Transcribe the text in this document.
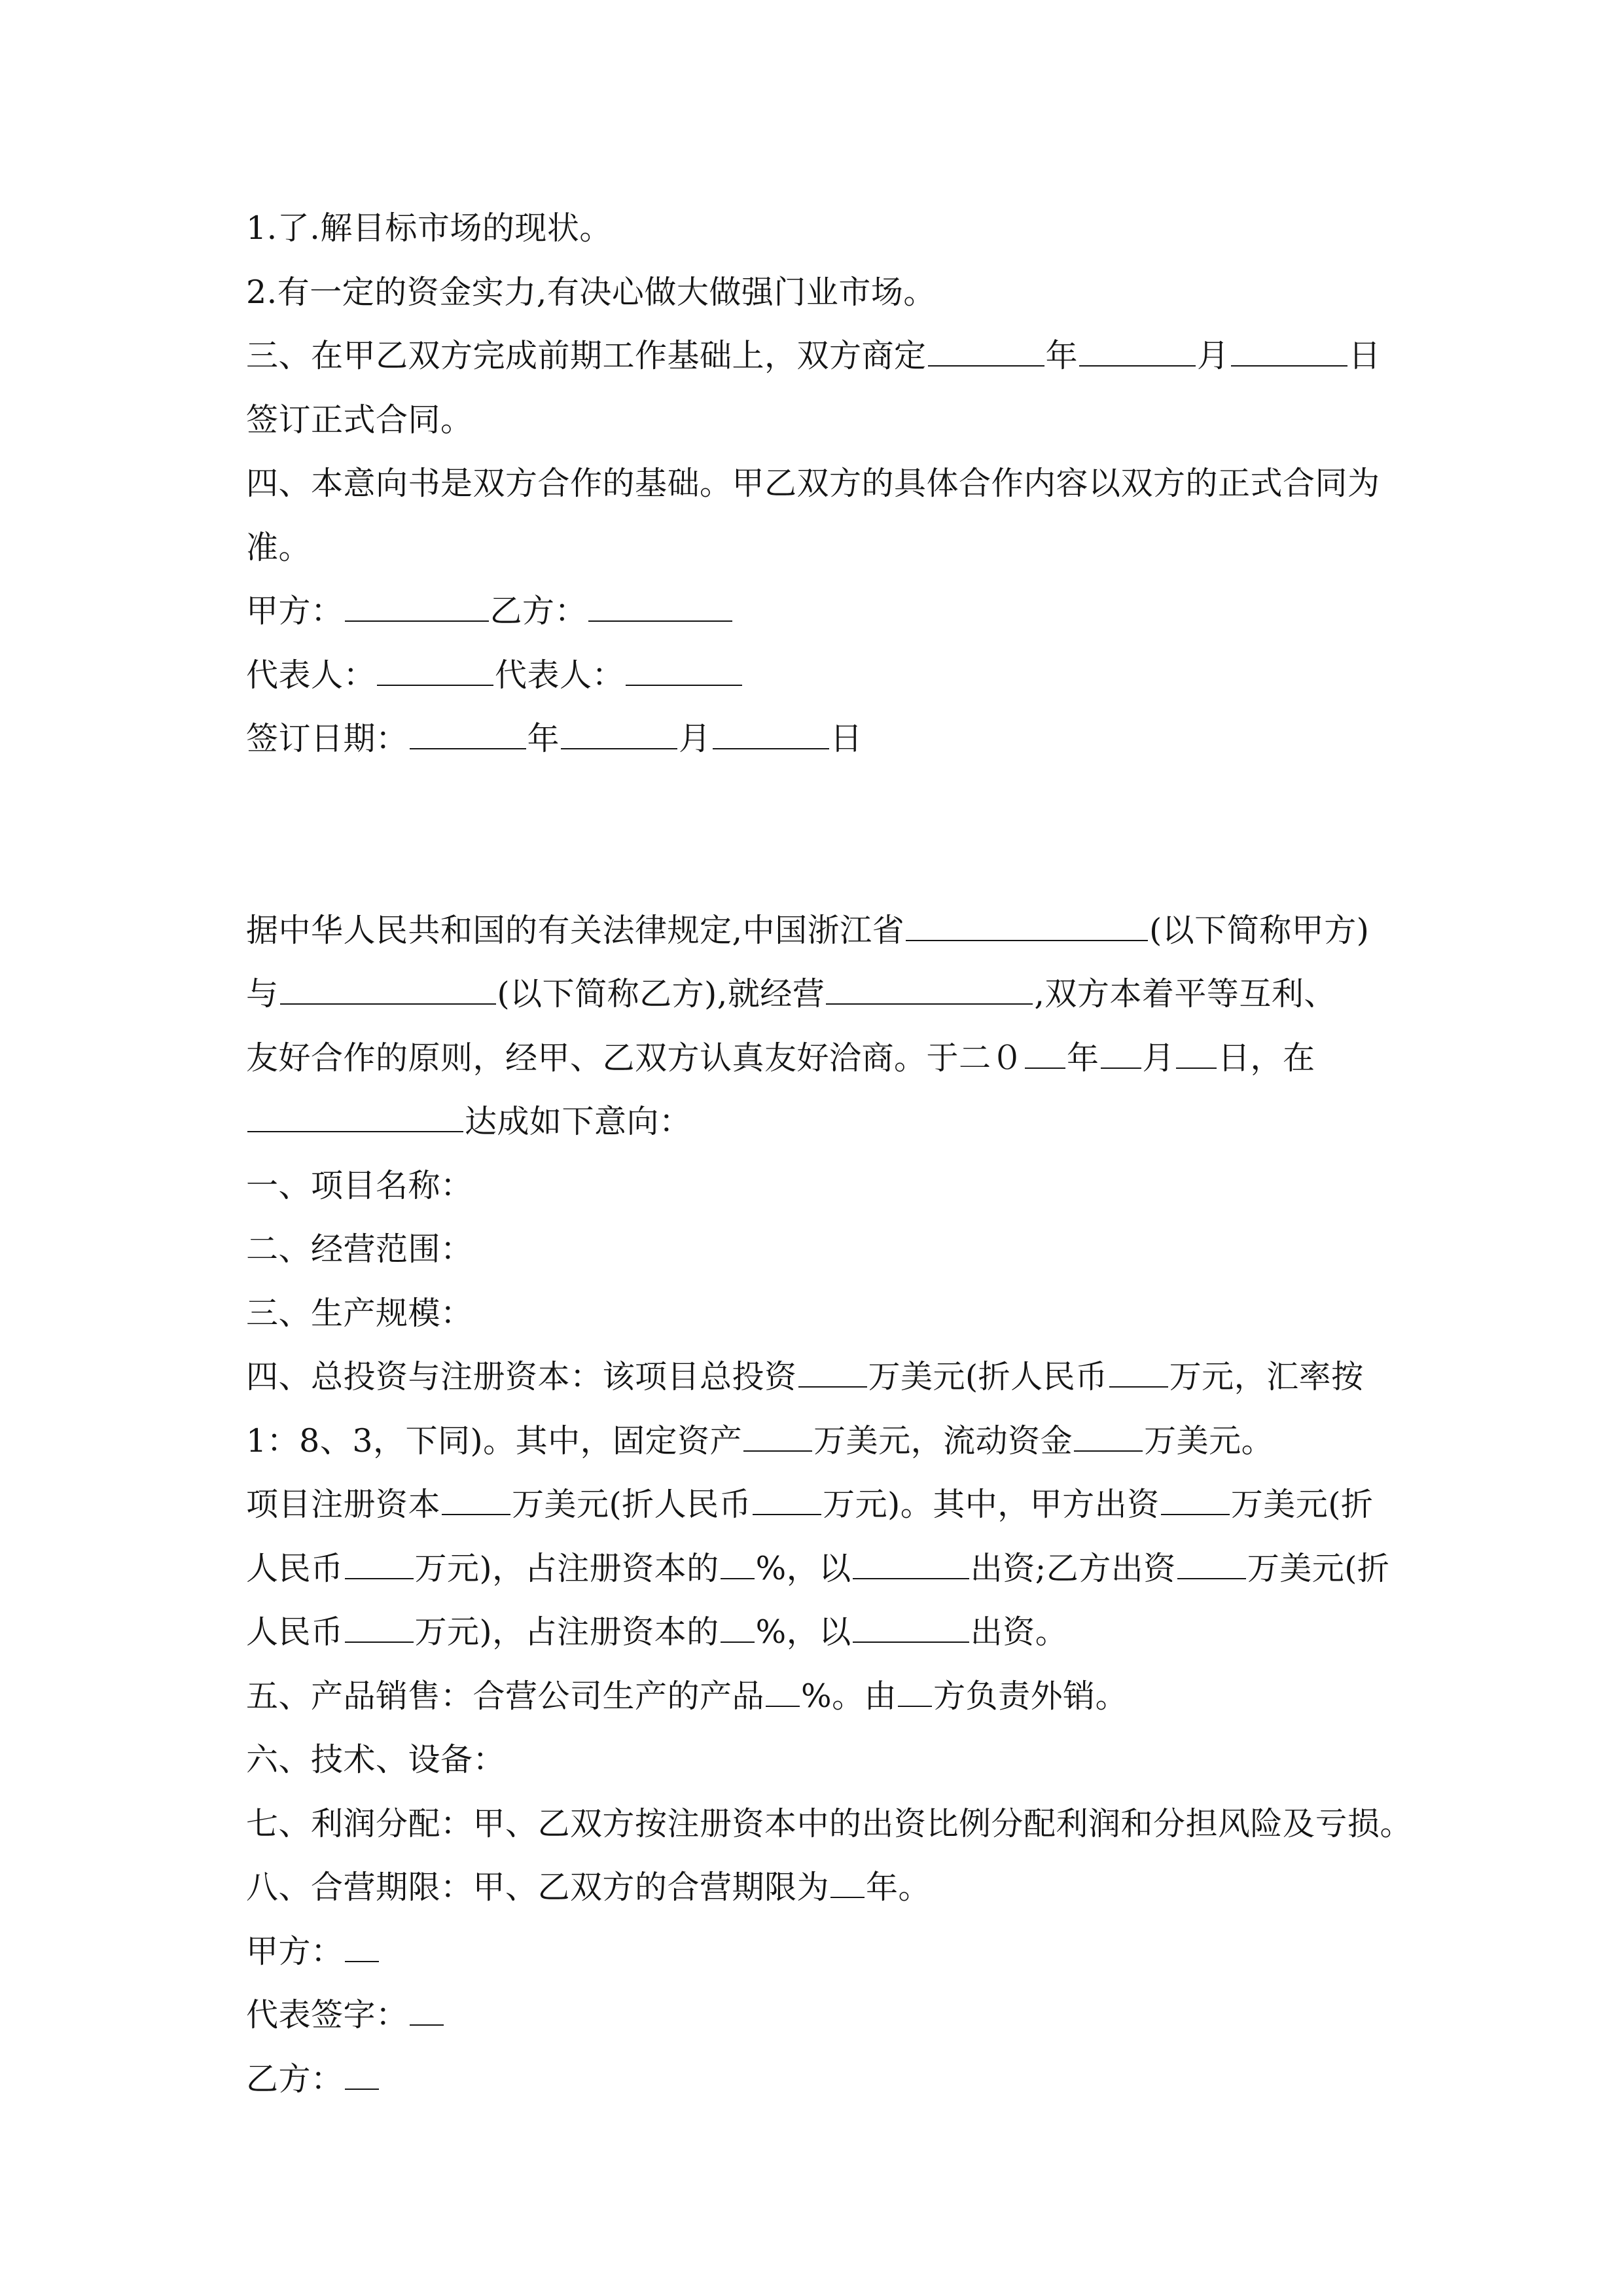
1.了.解目标市场的现状。
2.有一定的资金实力,有决心做大做强门业市场。
三、在甲乙双方完成前期工作基础上，双方商定	年	月	日
签订正式合同。
四、本意向书是双方合作的基础。甲乙双方的具体合作内容以双方的正式合同为
准。
甲方：	乙方：
代表人：	代表人：
签订日期：	年	月	日
据中华人民共和国的有关法律规定,中国浙江省	(以下简称甲方)
与	(以下简称乙方),就经营	,双方本着平等互利、
友好合作的原则，经甲、乙双方认真友好洽商。于二０ 年 月 日，在
达成如下意向：
一、项目名称：
二、经营范围：
三、生产规模：
四、总投资与注册资本：该项目总投资 万美元(折人民币 万元，汇率按
1：8、3，下同)。其中，固定资产 万美元，流动资金 万美元。
项目注册资本 万美元(折人民币 万元)。其中，甲方出资 万美元(折
人民币 万元)，占注册资本的 %，以	出资;乙方出资 万美元(折
人民币 万元)，占注册资本的 %，以	出资。
五、产品销售：合营公司生产的产品 %。由 方负责外销。
六、技术、设备：
七、利润分配：甲、乙双方按注册资本中的出资比例分配利润和分担风险及亏损。
八、合营期限：甲、乙双方的合营期限为 年。
甲方：
代表签字：
乙方：
